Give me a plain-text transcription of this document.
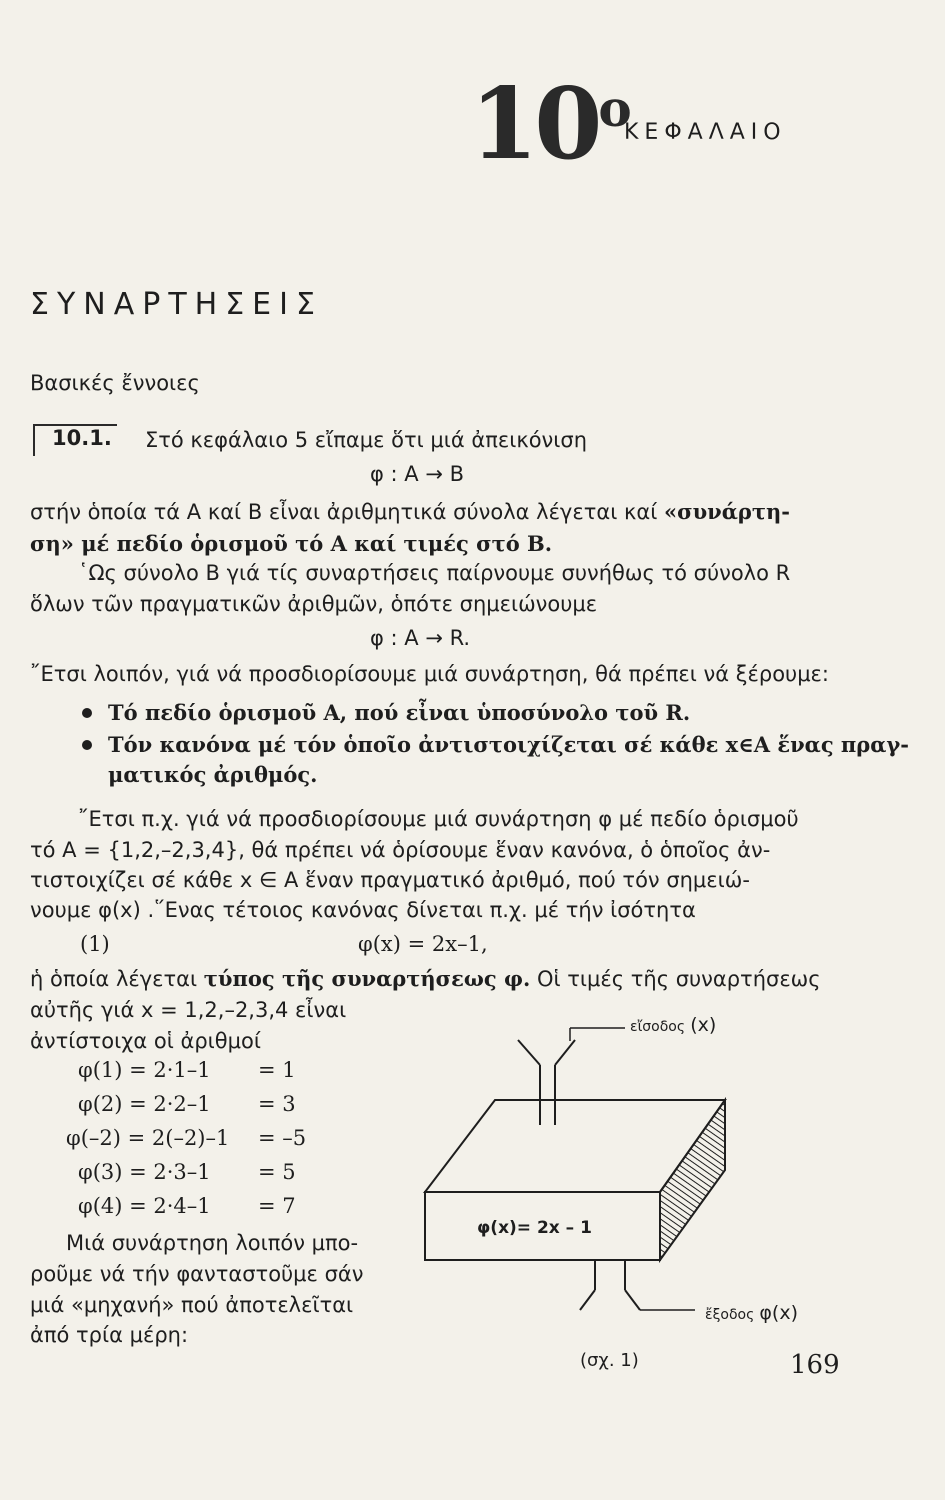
$10^o$
ΚΕΦΑΛΑΙΟ
ΣΥΝΑΡΤΗΣΕΙΣ
Βασικές ἔννοιες
10.1. Στό κεφάλαιο 5 εἴπαμε ὅτι μιά ἀπεικόνιση
φ : A → B
στήν ὁποία τά A καί B εἶναι ἀριθμητικά σύνολα λέγεται καί «συνάρτη-
ση» μέ πεδίο ὁρισμοῦ τό A καί τιμές στό B.
῾Ως σύνολο B γιά τίς συναρτήσεις παίρνουμε συνήθως τό σύνολο R
ὅλων τῶν πραγματικῶν ἀριθμῶν, ὁπότε σημειώνουμε
φ : A → R.
῎Ετσι λοιπόν, γιά νά προσδιορίσουμε μιά συνάρτηση, θά πρέπει νά ξέρουμε:
Τό πεδίο ὁρισμοῦ A, πού εἶναι ὑποσύνολο τοῦ R.
Τόν κανόνα μέ τόν ὁποῖο ἀντιστοιχίζεται σέ κάθε x∈A ἕνας πραγ-
ματικός ἀριθμός.
῎Ετσι π.χ. γιά νά προσδιορίσουμε μιά συνάρτηση φ μέ πεδίο ὁρισμοῦ
τό A = {1,2,–2,3,4}, θά πρέπει νά ὁρίσουμε ἕναν κανόνα, ὁ ὁποῖος ἀν-
τιστοιχίζει σέ κάθε x ∈ A ἕναν πραγματικό ἀριθμό, πού τόν σημειώ-
νουμε φ(x) .῞Ενας τέτοιος κανόνας δίνεται π.χ. μέ τήν ἰσότητα
(1)	φ(x) = 2x–1,
ἡ ὁποία λέγεται τύπος τῆς συναρτήσεως φ. Οἱ τιμές τῆς συναρτήσεως
αὐτῆς γιά x = 1,2,–2,3,4 εἶναι
ἀντίστοιχα οἱ ἀριθμοί
φ(1) = 2·1–1 = 1
φ(2) = 2·2–1 = 3
φ(–2) = 2(–2)–1 = –5
φ(3) = 2·3–1 = 5
φ(4) = 2·4–1 = 7
Μιά συνάρτηση λοιπόν μπο-
ροῦμε νά τήν φανταστοῦμε σάν
μιά «μηχανή» πού ἀποτελεῖται
ἀπό τρία μέρη:
φ(x)= 2x – 1
εἴσοδος (x)
ἔξοδος φ(x)
(σχ. 1)	169
